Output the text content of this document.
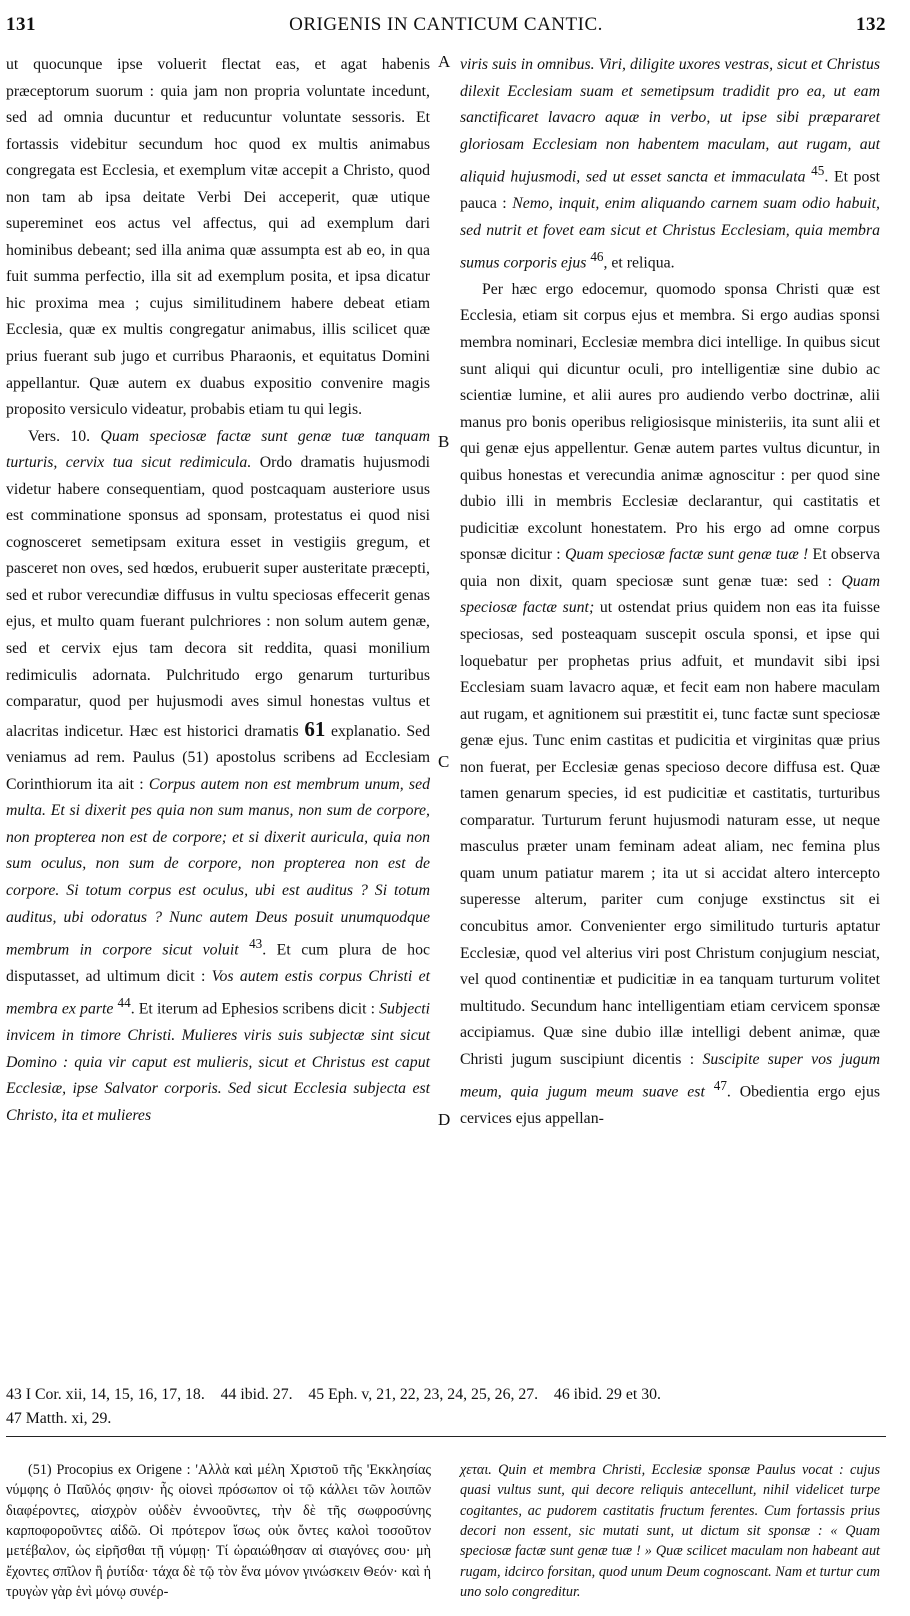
131	ORIGENIS IN CANTICUM CANTIC.	132
A
B
C
D

ut quocunque ipse voluerit flectat eas, et agat habenis præceptorum suorum : quia jam non propria voluntate incedunt, sed ad omnia ducuntur et reducuntur voluntate sessoris. Et fortassis videbitur secundum hoc quod ex multis animabus congregata est Ecclesia, et exemplum vitæ accepit a Christo, quod non tam ab ipsa deitate Verbi Dei acceperit, quæ utique supereminet eos actus vel affectus, qui ad exemplum dari hominibus debeant; sed illa anima quæ assumpta est ab eo, in qua fuit summa perfectio, illa sit ad exemplum posita, et ipsa dicatur hic proxima mea ; cujus similitudinem habere debeat etiam Ecclesia, quæ ex multis congregatur animabus, illis scilicet quæ prius fuerant sub jugo et curribus Pharaonis, et equitatus Domini appellantur. Quæ autem ex duabus expositio convenire magis proposito versiculo videatur, probabis etiam tu qui legis.

Vers. 10. Quam speciosæ factæ sunt genæ tuæ tanquam turturis, cervix tua sicut redimicula. Ordo dramatis hujusmodi videtur habere consequentiam, quod postcaquam austeriore usus est comminatione sponsus ad sponsam, protestatus ei quod nisi cognosceret semetipsam exitura esset in vestigiis gregum, et pasceret non oves, sed hœdos, erubuerit super austeritate præcepti, sed et rubor verecundiæ diffusus in vultu speciosas effecerit genas ejus, et multo quam fuerant pulchriores : non solum autem genæ, sed et cervix ejus tam decora sit reddita, quasi monilium redimiculis adornata. Pulchritudo ergo genarum turturibus comparatur, quod per hujusmodi aves simul honestas vultus et alacritas indicetur. Hæc est historici dramatis 61 explanatio. Sed veniamus ad rem. Paulus (51) apostolus scribens ad Ecclesiam Corinthiorum ita ait : Corpus autem non est membrum unum, sed multa. Et si dixerit pes quia non sum manus, non sum de corpore, non propterea non est de corpore; et si dixerit auricula, quia non sum oculus, non sum de corpore, non propterea non est de corpore. Si totum corpus est oculus, ubi est auditus ? Si totum auditus, ubi odoratus ? Nunc autem Deus posuit unumquodque membrum in corpore sicut voluit $^{43}$. Et cum plura de hoc disputasset, ad ultimum dicit : Vos autem estis corpus Christi et membra ex parte $^{44}$. Et iterum ad Ephesios scribens dicit : Subjecti invicem in timore Christi. Mulieres viris suis subjectæ sint sicut Domino : quia vir caput est mulieris, sicut et Christus est caput Ecclesiæ, ipse Salvator corporis. Sed sicut Ecclesia subjecta est Christo, ita et mulieres

viris suis in omnibus. Viri, diligite uxores vestras, sicut et Christus dilexit Ecclesiam suam et semetipsum tradidit pro ea, ut eam sanctificaret lavacro aquæ in verbo, ut ipse sibi præpararet gloriosam Ecclesiam non habentem maculam, aut rugam, aut aliquid hujusmodi, sed ut esset sancta et immaculata $^{45}$. Et post pauca : Nemo, inquit, enim aliquando carnem suam odio habuit, sed nutrit et fovet eam sicut et Christus Ecclesiam, quia membra sumus corporis ejus $^{46}$, et reliqua.

Per hæc ergo edocemur, quomodo sponsa Christi quæ est Ecclesia, etiam sit corpus ejus et membra. Si ergo audias sponsi membra nominari, Ecclesiæ membra dici intellige. In quibus sicut sunt aliqui qui dicuntur oculi, pro intelligentiæ sine dubio ac scientiæ lumine, et alii aures pro audiendo verbo doctrinæ, alii manus pro bonis operibus religiosisque ministeriis, ita sunt alii et qui genæ ejus appellentur. Genæ autem partes vultus dicuntur, in quibus honestas et verecundia animæ agnoscitur : per quod sine dubio illi in membris Ecclesiæ declarantur, qui castitatis et pudicitiæ excolunt honestatem. Pro his ergo ad omne corpus sponsæ dicitur : Quam speciosæ factæ sunt genæ tuæ ! Et observa quia non dixit, quam speciosæ sunt genæ tuæ: sed : Quam speciosæ factæ sunt; ut ostendat prius quidem non eas ita fuisse speciosas, sed posteaquam suscepit oscula sponsi, et ipse qui loquebatur per prophetas prius adfuit, et mundavit sibi ipsi Ecclesiam suam lavacro aquæ, et fecit eam non habere maculam aut rugam, et agnitionem sui præstitit ei, tunc factæ sunt speciosæ genæ ejus. Tunc enim castitas et pudicitia et virginitas quæ prius non fuerat, per Ecclesiæ genas specioso decore diffusa est. Quæ tamen genarum species, id est pudicitiæ et castitatis, turturibus comparatur. Turturum ferunt hujusmodi naturam esse, ut neque masculus præter unam feminam adeat aliam, nec femina plus quam unum patiatur marem ; ita ut si accidat altero intercepto superesse alterum, pariter cum conjuge exstinctus sit ei concubitus amor. Convenienter ergo similitudo turturis aptatur Ecclesiæ, quod vel alterius viri post Christum conjugium nesciat, vel quod continentiæ et pudicitiæ in ea tanquam turturum volitet multitudo. Secundum hanc intelligentiam etiam cervicem sponsæ accipiamus. Quæ sine dubio illæ intelligi debent animæ, quæ Christi jugum suscipiunt dicentis : Suscipite super vos jugum meum, quia jugum meum suave est $^{47}$. Obedientia ergo ejus cervices ejus appellan-

43 I Cor. xii, 14, 15, 16, 17, 18. 44 ibid. 27. 45 Eph. v, 21, 22, 23, 24, 25, 26, 27. 46 ibid. 29 et 30.
47 Matth. xi, 29.

(51) Procopius ex Origene : 'Αλλὰ καὶ μέλη Χριστοῦ τῆς 'Εκκλησίας νύμφης ὁ Παῦλός φησιν· ἧς οἱονεὶ πρόσωπον οἱ τῷ κάλλει τῶν λοιπῶν διαφέροντες, αἰσχρὸν οὐδὲν ἐννοοῦντες, τὴν δὲ τῆς σωφροσύνης καρποφοροῦντες αἰδῶ. Οἱ πρότερον ἴσως οὐκ ὄντες καλοὶ τοσοῦτον μετέβαλον, ὡς εἰρῆσθαι τῇ νύμφῃ· Τί ὡραιώθησαν αἱ σιαγόνες σου· μὴ ἔχοντες σπῖλον ἢ ῥυτίδα· τάχα δὲ τῷ τὸν ἕνα μόνον γινώσκειν Θεόν· καὶ ἡ τρυγὼν γὰρ ἑνὶ μόνῳ συνέρ-

χεται. Quin et membra Christi, Ecclesiæ sponsæ Paulus vocat : cujus quasi vultus sunt, qui decore reliquis antecellunt, nihil videlicet turpe cogitantes, ac pudorem castitatis fructum ferentes. Cum fortassis prius decori non essent, sic mutati sunt, ut dictum sit sponsæ : « Quam speciosæ factæ sunt genæ tuæ ! » Quæ scilicet maculam non habeant aut rugam, idcirco forsitan, quod unum Deum cognoscant. Nam et turtur cum uno solo congreditur.
